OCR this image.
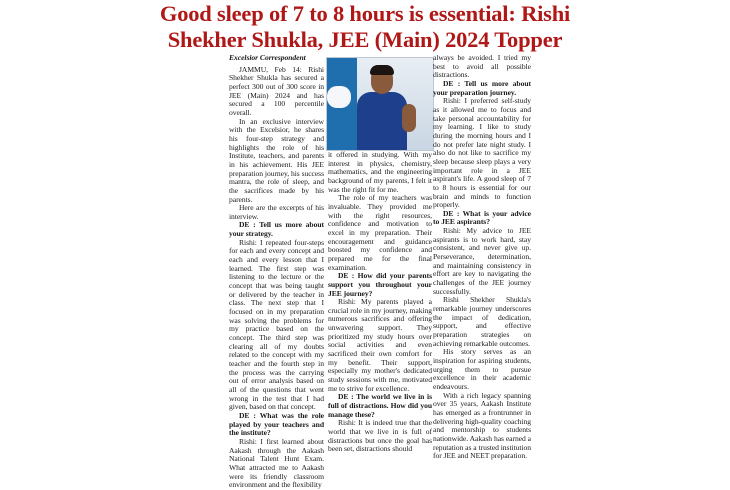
Good sleep of 7 to 8 hours is essential: Rishi
Shekher Shukla, JEE (Main) 2024 Topper

Excelsior Correspondent

JAMMU, Feb 14: Rishi Shekher Shukla has secured a perfect 300 out of 300 score in JEE (Main) 2024 and has secured a 100 percentile overall.

In an exclusive interview with the Excelsior, he shares his four-step strategy and highlights the role of his Institute, teachers, and parents in his achievement. His JEE preparation journey, his success mantra, the role of sleep, and the sacrifices made by his parents.

Here are the excerpts of his interview.

DE : Tell us more about your strategy.

Rishi: I repeated four-steps for each and every concept and each and every lesson that I learned. The first step was listening to the lecture or the concept that was being taught or delivered by the teacher in class. The next step that I focused on in my preparation was solving the problems for my practice based on the concept. The third step was clearing all of my doubts related to the concept with my teacher and the fourth step in the process was the carrying out of error analysis based on all of the questions that went wrong in the test that I had given, based on that concept.

DE : What was the role played by your teachers and the institute?

Rishi: I first learned about Aakash through the Aakash National Talent Hunt Exam. What attracted me to Aakash were its friendly classroom environment and the flexibility

it offered in studying. With my interest in physics, chemistry, mathematics, and the engineering background of my parents, I felt it was the right fit for me.

The role of my teachers was invaluable. They provided me with the right resources, confidence and motivation to excel in my preparation. Their encouragement and guidance boosted my confidence and prepared me for the final examination.

DE : How did your parents support you throughout your JEE journey?

Rishi: My parents played a crucial role in my journey, making numerous sacrifices and offering unwavering support. They prioritized my study hours over social activities and even sacrificed their own comfort for my benefit. Their support, especially my mother's dedicated study sessions with me, motivated me to strive for excellence.

DE : The world we live in is full of distractions. How did you manage these?

Rishi: It is indeed true that the world that we live in is full of distractions but once the goal has been set, distractions should

always be avoided. I tried my best to avoid all possible distractions.

DE : Tell us more about your preparation journey.

Rishi: I preferred self-study as it allowed me to focus and take personal accountability for my learning. I like to study during the morning hours and I do not prefer late night study. I also do not like to sacrifice my sleep because sleep plays a very important role in a JEE aspirant's life. A good sleep of 7 to 8 hours is essential for our brain and minds to function properly.

DE : What is your advice to JEE aspirants?

Rishi: My advice to JEE aspirants is to work hard, stay consistent, and never give up. Perseverance, determination, and maintaining consistency in effort are key to navigating the challenges of the JEE journey successfully.

Rishi Shekher Shukla's remarkable journey underscores the impact of dedication, support, and effective preparation strategies on achieving remarkable outcomes.

His story serves as an inspiration for aspiring students, urging them to pursue excellence in their academic endeavours.

With a rich legacy spanning over 35 years, Aakash Institute has emerged as a frontrunner in delivering high-quality coaching and mentorship to students nationwide. Aakash has earned a reputation as a trusted institution for JEE and NEET preparation.
